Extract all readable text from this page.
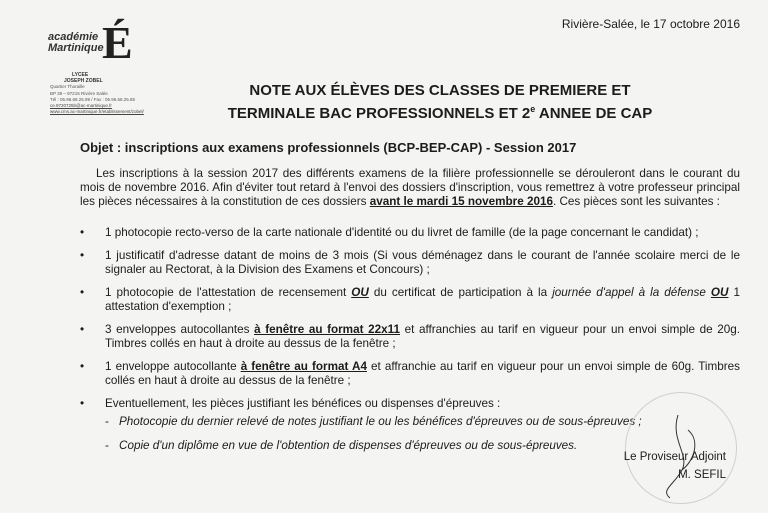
Rivière-Salée, le 17 octobre 2016
académie
Martinique
É
LYCEE
JOSEPH ZOBEL
Quartier Thoraille
BP 38 – 97215 Rivière Salée
Tél : 05.96.68.25.99 / Fax : 05.96.68.25.85
ce.9720725b@ac-martinique.fr
www.cms.ac-martinique.fr/etablissement/zobel/
NOTE AUX ÉLÈVES DES CLASSES DE PREMIERE ET
TERMINALE BAC PROFESSIONNELS ET 2e ANNEE DE CAP
Objet : inscriptions aux examens professionnels (BCP-BEP-CAP) - Session 2017
Les inscriptions à la session 2017 des différents examens de la filière professionnelle se dérouleront dans le courant du mois de novembre 2016. Afin d'éviter tout retard à l'envoi des dossiers d'inscription, vous remettrez à votre professeur principal les pièces nécessaires à la constitution de ces dossiers avant le mardi 15 novembre 2016. Ces pièces sont les suivantes :
• 1 photocopie recto-verso de la carte nationale d'identité ou du livret de famille (de la page concernant le candidat) ;
• 1 justificatif d'adresse datant de moins de 3 mois (Si vous déménagez dans le courant de l'année scolaire merci de le signaler au Rectorat, à la Division des Examens et Concours) ;
• 1 photocopie de l'attestation de recensement OU du certificat de participation à la journée d'appel à la défense OU 1 attestation d'exemption ;
• 3 enveloppes autocollantes à fenêtre au format 22x11 et affranchies au tarif en vigueur pour un envoi simple de 20g. Timbres collés en haut à droite au dessus de la fenêtre ;
• 1 enveloppe autocollante à fenêtre au format A4 et affranchie au tarif en vigueur pour un envoi simple de 60g. Timbres collés en haut à droite au dessus de la fenêtre ;
• Eventuellement, les pièces justifiant les bénéfices ou dispenses d'épreuves :
- Photocopie du dernier relevé de notes justifiant le ou les bénéfices d'épreuves ou de sous-épreuves ;
- Copie d'un diplôme en vue de l'obtention de dispenses d'épreuves ou de sous-épreuves.
Le Proviseur Adjoint
M. SEFIL
